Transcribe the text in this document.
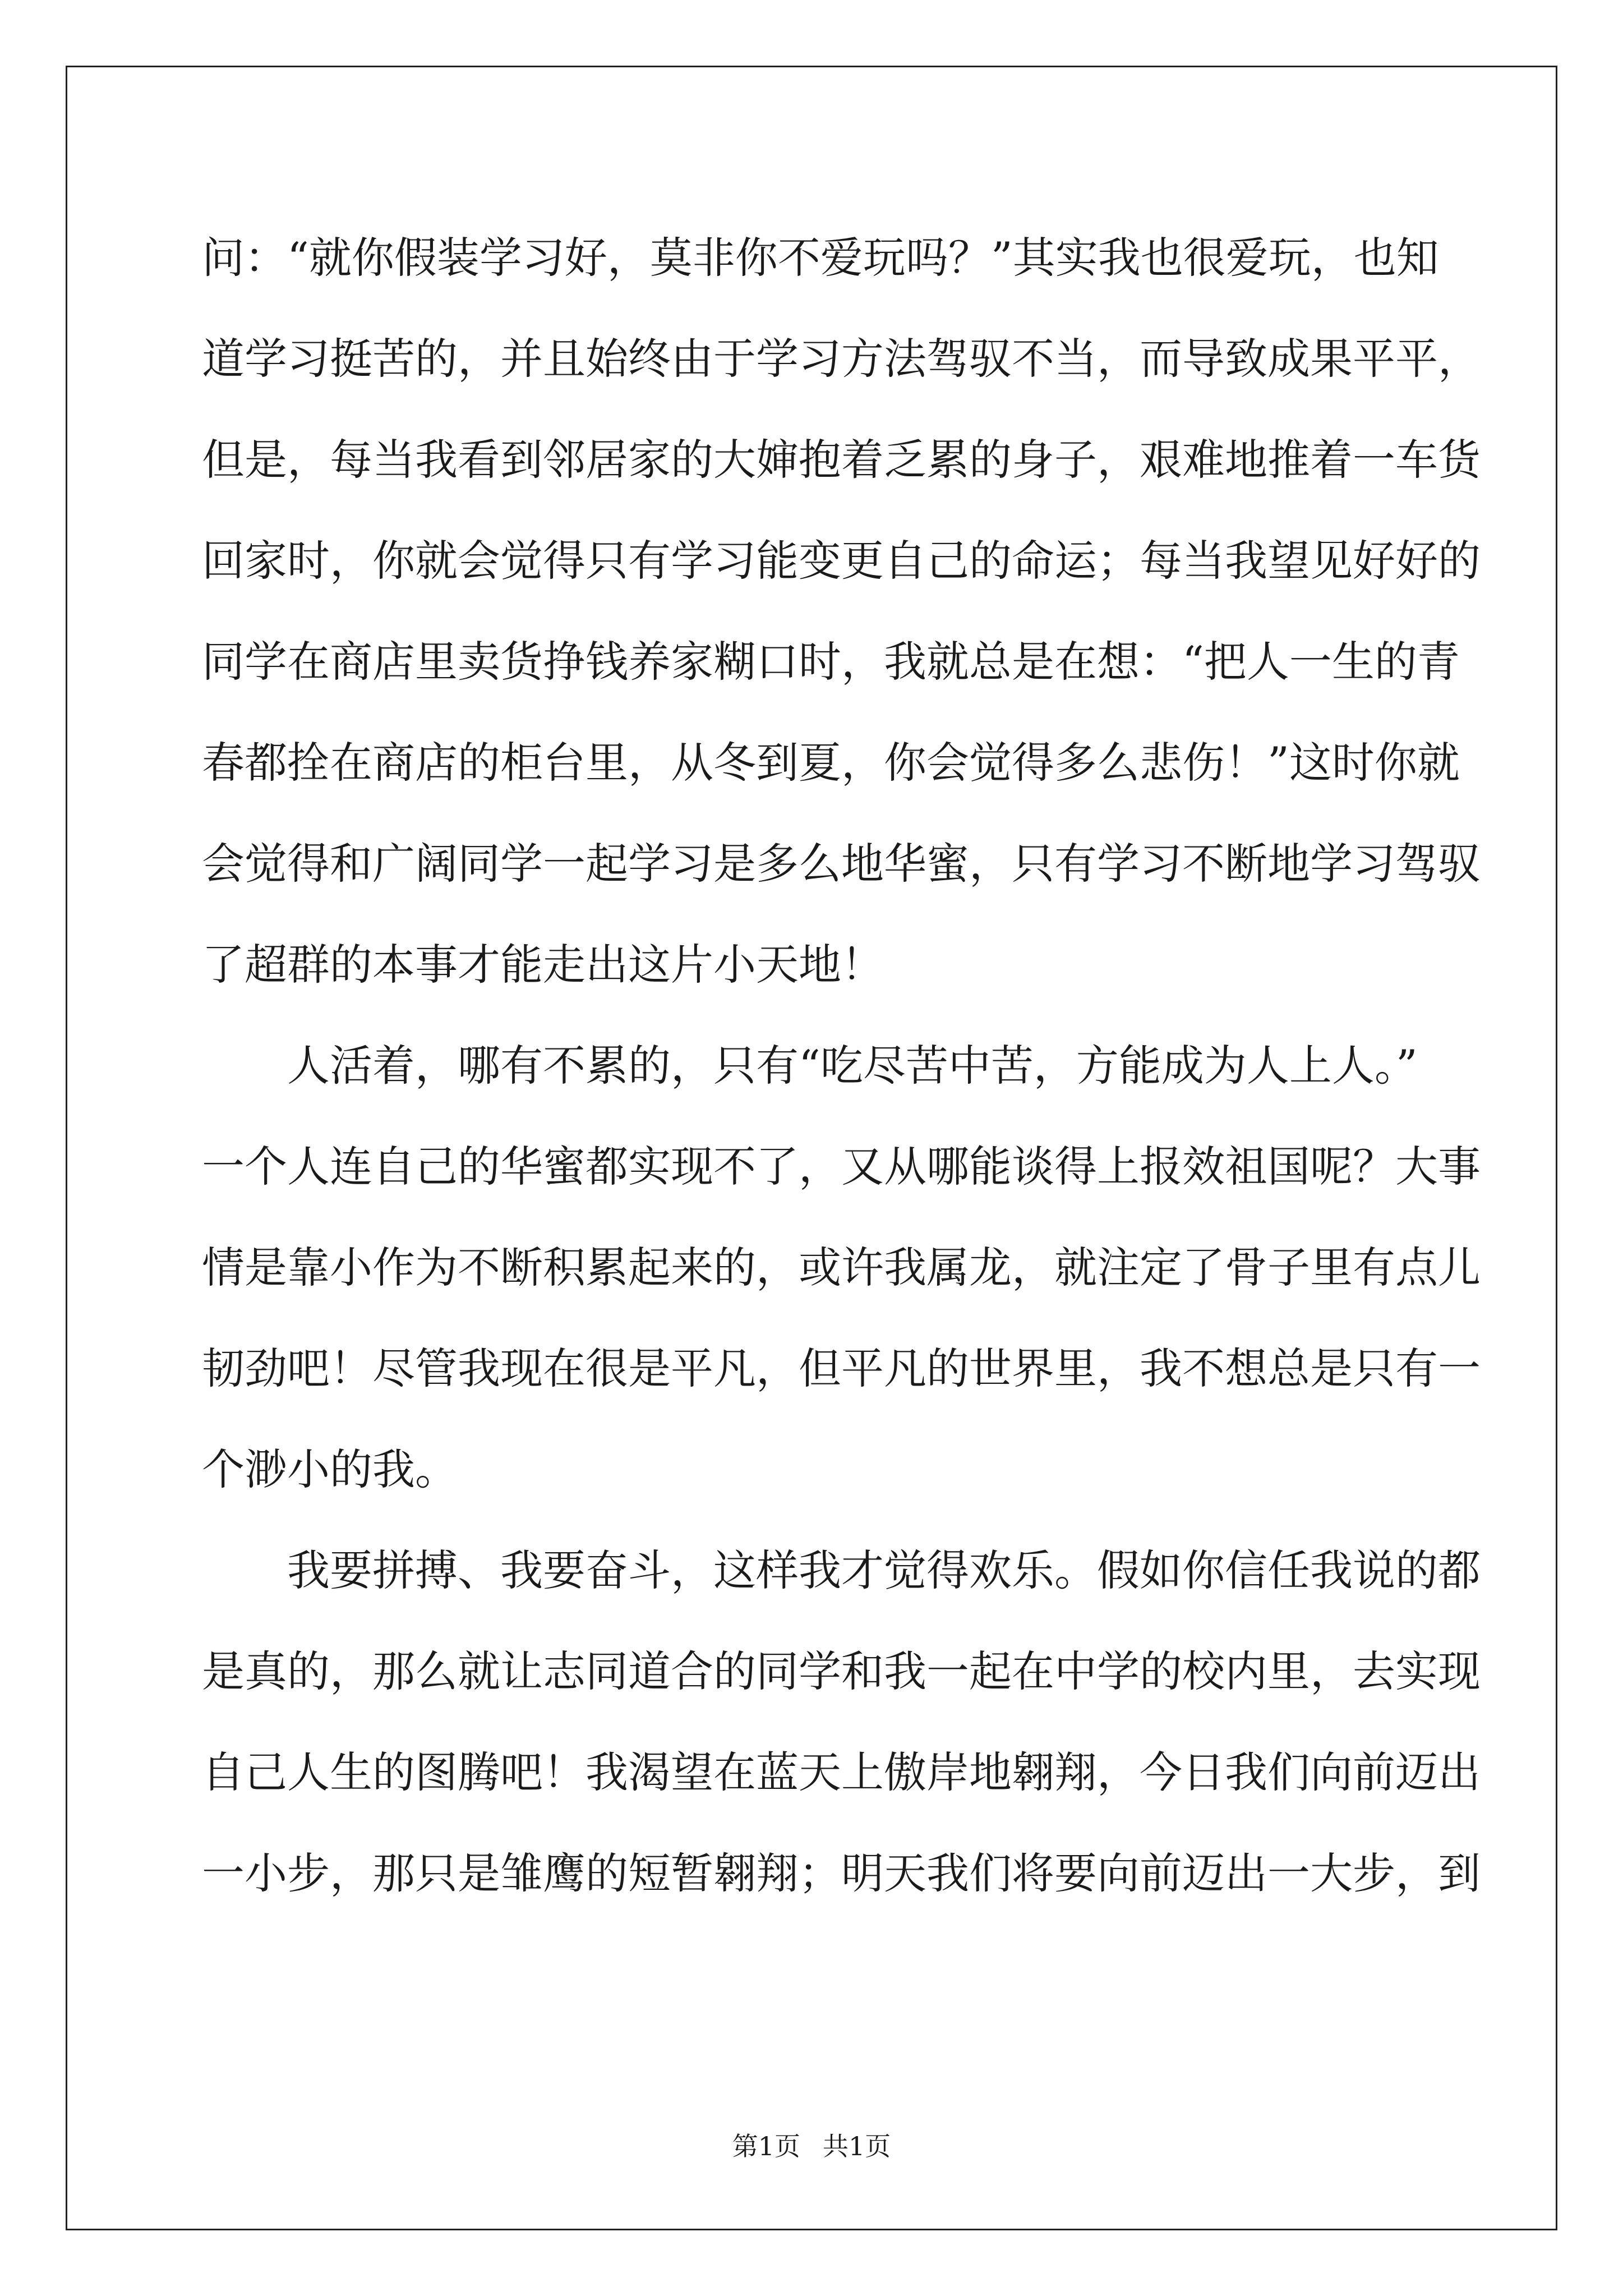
问：“就你假装学习好，莫非你不爱玩吗？”其实我也很爱玩，也知
道学习挺苦的，并且始终由于学习方法驾驭不当，而导致成果平平，
但是，每当我看到邻居家的大婶抱着乏累的身子，艰难地推着一车货
回家时，你就会觉得只有学习能变更自己的命运；每当我望见好好的
同学在商店里卖货挣钱养家糊口时，我就总是在想：“把人一生的青
春都拴在商店的柜台里，从冬到夏，你会觉得多么悲伤！”这时你就
会觉得和广阔同学一起学习是多么地华蜜，只有学习不断地学习驾驭
了超群的本事才能走出这片小天地！
人活着，哪有不累的，只有“吃尽苦中苦，方能成为人上人。”
一个人连自己的华蜜都实现不了，又从哪能谈得上报效祖国呢？大事
情是靠小作为不断积累起来的，或许我属龙，就注定了骨子里有点儿
韧劲吧！尽管我现在很是平凡，但平凡的世界里，我不想总是只有一
个渺小的我。
我要拼搏、我要奋斗，这样我才觉得欢乐。假如你信任我说的都
是真的，那么就让志同道合的同学和我一起在中学的校内里，去实现
自己人生的图腾吧！我渴望在蓝天上傲岸地翱翔，今日我们向前迈出
一小步，那只是雏鹰的短暂翱翔；明天我们将要向前迈出一大步，到
第1页 共1页
